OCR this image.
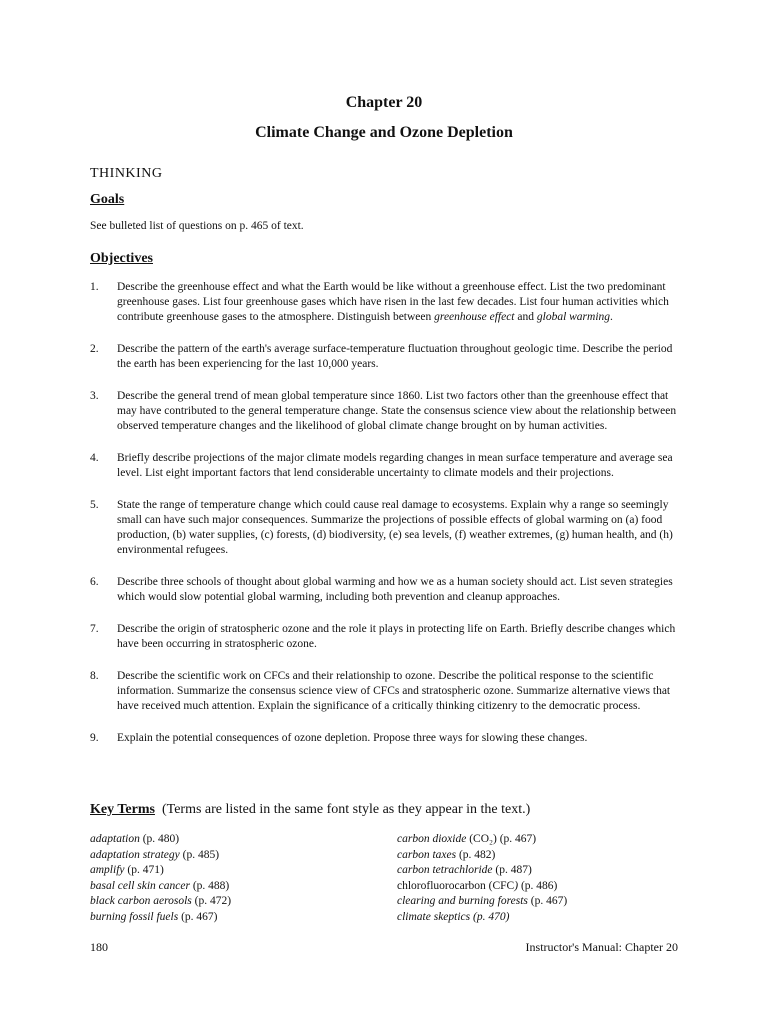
Chapter 20
Climate Change and Ozone Depletion
THINKING
Goals
See bulleted list of questions on p. 465 of text.
Objectives
1.	Describe the greenhouse effect and what the Earth would be like without a greenhouse effect. List the two predominant greenhouse gases. List four greenhouse gases which have risen in the last few decades. List four human activities which contribute greenhouse gases to the atmosphere. Distinguish between greenhouse effect and global warming.
2.	Describe the pattern of the earth's average surface-temperature fluctuation throughout geologic time. Describe the period the earth has been experiencing for the last 10,000 years.
3.	Describe the general trend of mean global temperature since 1860. List two factors other than the greenhouse effect that may have contributed to the general temperature change. State the consensus science view about the relationship between observed temperature changes and the likelihood of global climate change brought on by human activities.
4.	Briefly describe projections of the major climate models regarding changes in mean surface temperature and average sea level. List eight important factors that lend considerable uncertainty to climate models and their projections.
5.	State the range of temperature change which could cause real damage to ecosystems. Explain why a range so seemingly small can have such major consequences. Summarize the projections of possible effects of global warming on (a) food production, (b) water supplies, (c) forests, (d) biodiversity, (e) sea levels, (f) weather extremes, (g) human health, and (h) environmental refugees.
6.	Describe three schools of thought about global warming and how we as a human society should act. List seven strategies which would slow potential global warming, including both prevention and cleanup approaches.
7.	Describe the origin of stratospheric ozone and the role it plays in protecting life on Earth. Briefly describe changes which have been occurring in stratospheric ozone.
8.	Describe the scientific work on CFCs and their relationship to ozone. Describe the political response to the scientific information. Summarize the consensus science view of CFCs and stratospheric ozone. Summarize alternative views that have received much attention. Explain the significance of a critically thinking citizenry to the democratic process.
9.	Explain the potential consequences of ozone depletion. Propose three ways for slowing these changes.
Key Terms (Terms are listed in the same font style as they appear in the text.)
adaptation (p. 480)
adaptation strategy (p. 485)
amplify (p. 471)
basal cell skin cancer (p. 488)
black carbon aerosols (p. 472)
burning fossil fuels (p. 467)
carbon dioxide (CO₂) (p. 467)
carbon taxes (p. 482)
carbon tetrachloride (p. 487)
chlorofluorocarbon (CFC) (p. 486)
clearing and burning forests (p. 467)
climate skeptics (p. 470)
180	Instructor's Manual: Chapter 20
